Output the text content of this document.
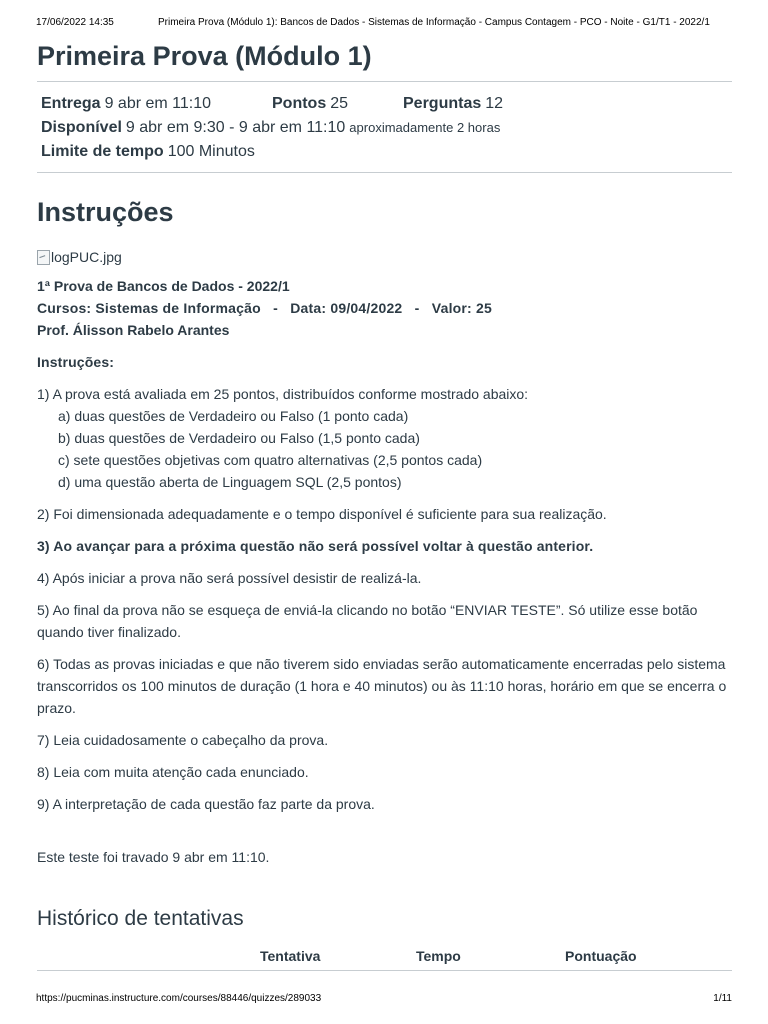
17/06/2022 14:35	Primeira Prova (Módulo 1): Bancos de Dados - Sistemas de Informação - Campus Contagem - PCO - Noite - G1/T1 - 2022/1
Primeira Prova (Módulo 1)
Entrega 9 abr em 11:10	Pontos 25	Perguntas 12
Disponível 9 abr em 9:30 - 9 abr em 11:10 aproximadamente 2 horas
Limite de tempo 100 Minutos
Instruções
logPUC.jpg
1ª Prova de Bancos de Dados - 2022/1
Cursos: Sistemas de Informação   -   Data: 09/04/2022   -   Valor: 25
Prof. Álisson Rabelo Arantes

Instruções:

1) A prova está avaliada em 25 pontos, distribuídos conforme mostrado abaixo:

a) duas questões de Verdadeiro ou Falso (1 ponto cada)

b) duas questões de Verdadeiro ou Falso (1,5 ponto cada)

c) sete questões objetivas com quatro alternativas (2,5 pontos cada)

d) uma questão aberta de Linguagem SQL (2,5 pontos)

2) Foi dimensionada adequadamente e o tempo disponível é suficiente para sua realização.

3) Ao avançar para a próxima questão não será possível voltar à questão anterior.

4) Após iniciar a prova não será possível desistir de realizá-la.

5) Ao final da prova não se esqueça de enviá-la clicando no botão “ENVIAR TESTE”. Só utilize esse botão quando tiver finalizado.

6) Todas as provas iniciadas e que não tiverem sido enviadas serão automaticamente encerradas pelo sistema transcorridos os 100 minutos de duração (1 hora e 40 minutos) ou às 11:10 horas, horário em que se encerra o prazo.

7) Leia cuidadosamente o cabeçalho da prova.

8) Leia com muita atenção cada enunciado.

9) A interpretação de cada questão faz parte da prova.

Este teste foi travado 9 abr em 11:10.

Histórico de tentativas
Tentativa	Tempo	Pontuação
https://pucminas.instructure.com/courses/88446/quizzes/289033	1/11
